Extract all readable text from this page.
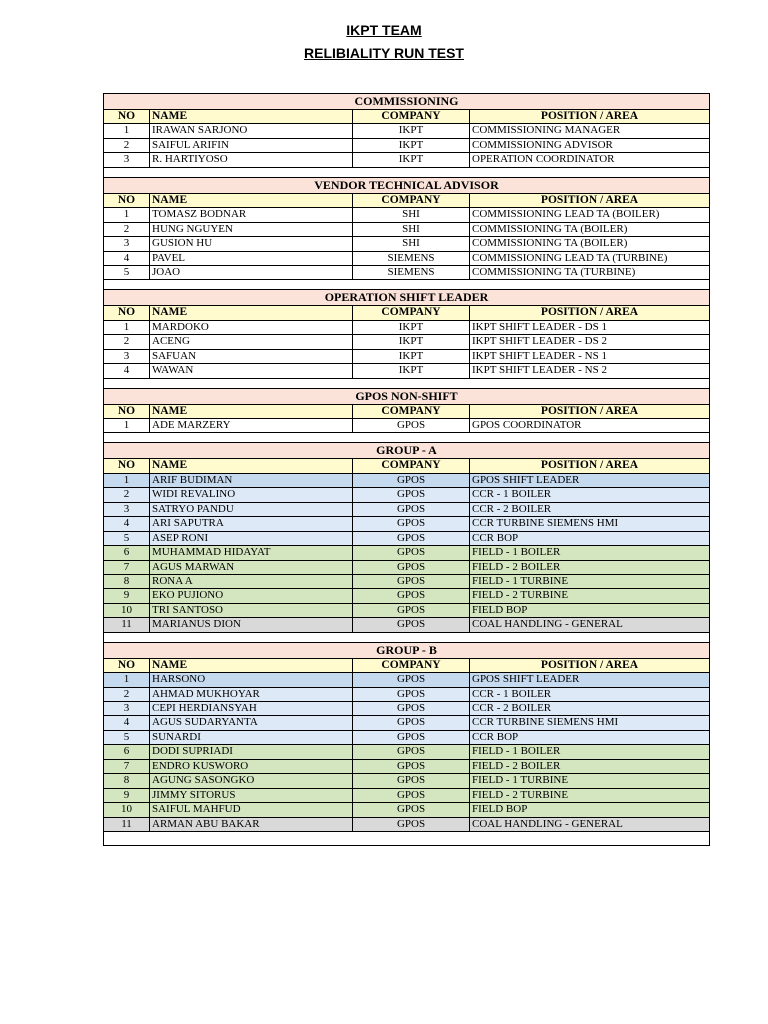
IKPT TEAM
RELIBIALITY RUN TEST
COMMISSIONING
NO	NAME	COMPANY	POSITION / AREA
1	IRAWAN SARJONO	IKPT	COMMISSIONING MANAGER
2	SAIFUL ARIFIN	IKPT	COMMISSIONING ADVISOR
3	R. HARTIYOSO	IKPT	OPERATION COORDINATOR
VENDOR TECHNICAL ADVISOR
NO	NAME	COMPANY	POSITION / AREA
1	TOMASZ BODNAR	SHI	COMMISSIONING LEAD TA (BOILER)
2	HUNG NGUYEN	SHI	COMMISSIONING TA (BOILER)
3	GUSION HU	SHI	COMMISSIONING TA (BOILER)
4	PAVEL	SIEMENS	COMMISSIONING LEAD TA (TURBINE)
5	JOAO	SIEMENS	COMMISSIONING TA (TURBINE)
OPERATION SHIFT LEADER
NO	NAME	COMPANY	POSITION / AREA
1	MARDOKO	IKPT	IKPT SHIFT LEADER - DS 1
2	ACENG	IKPT	IKPT SHIFT LEADER - DS 2
3	SAFUAN	IKPT	IKPT SHIFT LEADER - NS 1
4	WAWAN	IKPT	IKPT SHIFT LEADER - NS 2
GPOS NON-SHIFT
NO	NAME	COMPANY	POSITION / AREA
1	ADE MARZERY	GPOS	GPOS COORDINATOR
GROUP - A
NO	NAME	COMPANY	POSITION / AREA
1	ARIF BUDIMAN	GPOS	GPOS SHIFT LEADER
2	WIDI REVALINO	GPOS	CCR - 1 BOILER
3	SATRYO PANDU	GPOS	CCR - 2 BOILER
4	ARI SAPUTRA	GPOS	CCR TURBINE SIEMENS HMI
5	ASEP RONI	GPOS	CCR BOP
6	MUHAMMAD HIDAYAT	GPOS	FIELD - 1 BOILER
7	AGUS MARWAN	GPOS	FIELD - 2 BOILER
8	RONA A	GPOS	FIELD - 1 TURBINE
9	EKO PUJIONO	GPOS	FIELD - 2 TURBINE
10	TRI SANTOSO	GPOS	FIELD BOP
11	MARIANUS DION	GPOS	COAL HANDLING - GENERAL
GROUP - B
NO	NAME	COMPANY	POSITION / AREA
1	HARSONO	GPOS	GPOS SHIFT LEADER
2	AHMAD MUKHOYAR	GPOS	CCR - 1 BOILER
3	CEPI HERDIANSYAH	GPOS	CCR - 2 BOILER
4	AGUS SUDARYANTA	GPOS	CCR TURBINE SIEMENS HMI
5	SUNARDI	GPOS	CCR BOP
6	DODI SUPRIADI	GPOS	FIELD - 1 BOILER
7	ENDRO KUSWORO	GPOS	FIELD - 2 BOILER
8	AGUNG SASONGKO	GPOS	FIELD - 1 TURBINE
9	JIMMY SITORUS	GPOS	FIELD - 2 TURBINE
10	SAIFUL MAHFUD	GPOS	FIELD BOP
11	ARMAN ABU BAKAR	GPOS	COAL HANDLING - GENERAL
